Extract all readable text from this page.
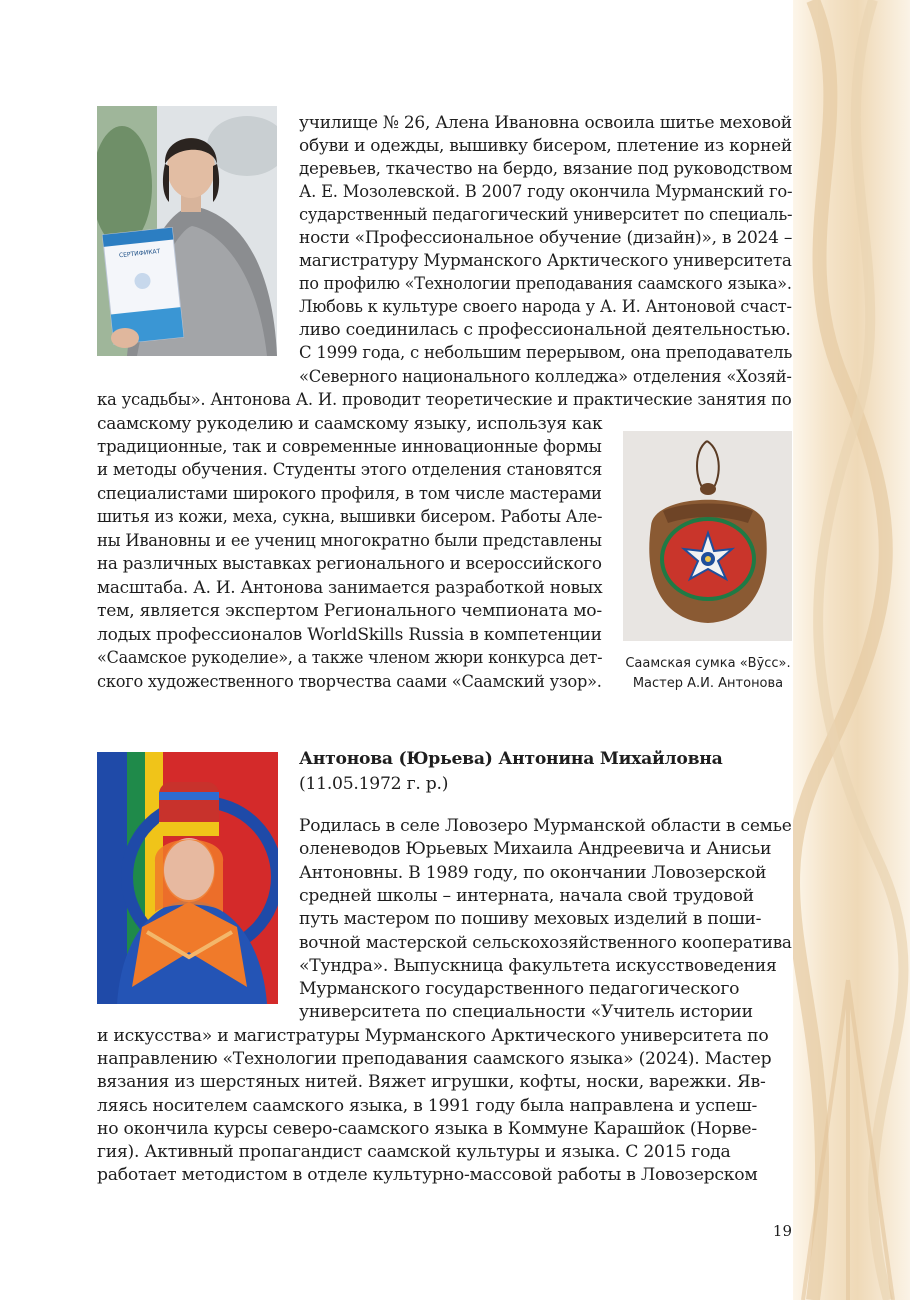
СЕРТИФИКАТ

училище № 26, Алена Ивановна освоила шитье меховой

обуви и одежды, вышивку бисером, плетение из корней

деревьев, ткачество на бердо, вязание под руководством

А. Е. Мозолевской. В 2007 году окончила Мурманский го-

сударственный педагогический университет по специаль-

ности «Профессиональное обучение (дизайн)», в 2024 –

магистратуру Мурманского Арктического университета

по профилю «Технологии преподавания саамского языка».

Любовь к культуре своего народа у А. И. Антоновой счаст-

ливо соединилась с профессиональной деятельностью.

С 1999 года, с небольшим перерывом, она преподаватель

«Северного национального колледжа» отделения «Хозяй-

ка усадьбы». Антонова А. И. проводит теоретические и практические занятия по

саамскому рукоделию и саамскому языку, используя как

традиционные, так и современные инновационные формы

и методы обучения. Студенты этого отделения становятся

специалистами широкого профиля, в том числе мастерами

шитья из кожи, меха, сукна, вышивки бисером. Работы Але-

ны Ивановны и ее учениц многократно были представлены

на различных выставках регионального и всероссийского

масштаба. А. И. Антонова занимается разработкой новых

тем, является экспертом Регионального чемпионата мо-

лодых профессионалов WorldSkills Russia в компетенции

«Саамское рукоделие», а также членом жюри конкурса дет-

ского художественного творчества саами «Саамский узор».

Саамская сумка «Вӯсс».

Мастер А.И. Антонова

Антонова (Юрьева) Антонина Михайловна

(11.05.1972 г. р.)

Родилась в селе Ловозеро Мурманской области в семье

оленеводов Юрьевых Михаила Андреевича и Анисьи

Антоновны. В 1989 году, по окончании Ловозерской

средней школы – интерната, начала свой трудовой

путь мастером по пошиву меховых изделий в поши-

вочной мастерской сельскохозяйственного кооператива

«Тундра». Выпускница факультета искусствоведения

Мурманского государственного педагогического

университета по специальности «Учитель истории

и искусства» и магистратуры Мурманского Арктического университета по

направлению «Технологии преподавания саамского языка» (2024). Мастер

вязания из шерстяных нитей. Вяжет игрушки, кофты, носки, варежки. Яв-

ляясь носителем саамского языка, в 1991 году была направлена и успеш-

но окончила курсы северо-саамского языка в Коммуне Карашйок (Норве-

гия). Активный пропагандист саамской культуры и языка. С 2015 года

работает методистом в отделе культурно-массовой работы в Ловозерском

19
